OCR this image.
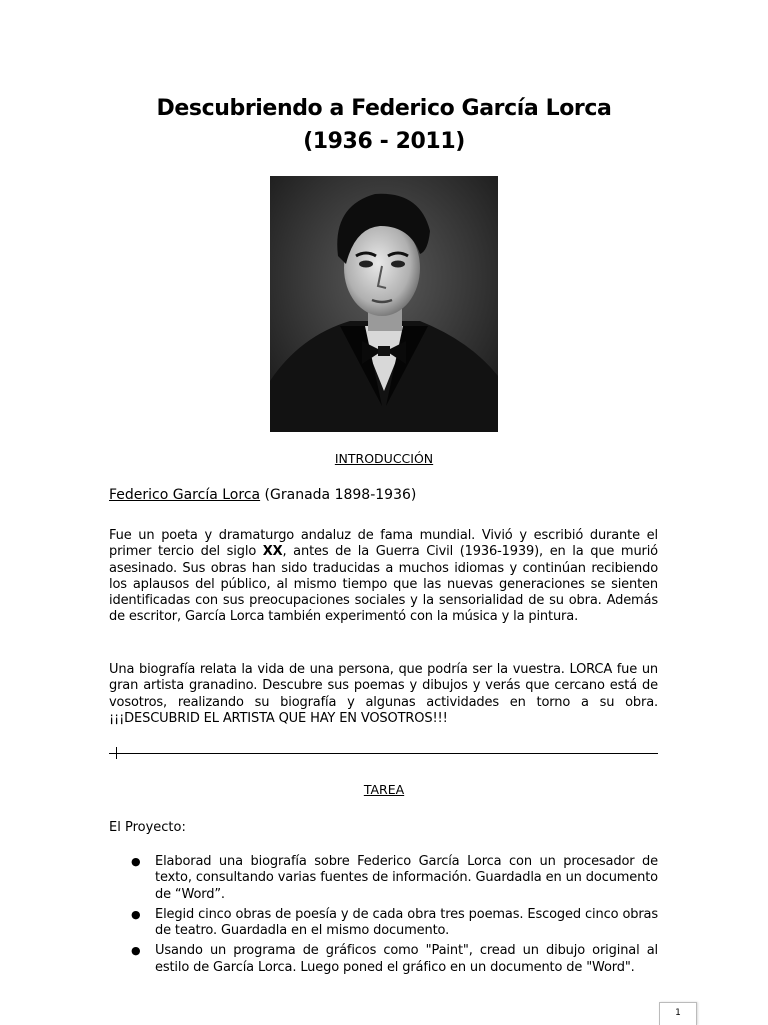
Descubriendo a Federico García Lorca
(1936 - 2011)
INTRODUCCIÓN
Federico García Lorca (Granada 1898-1936)
Fue un poeta y dramaturgo andaluz de fama mundial. Vivió y escribió durante el primer tercio del siglo XX, antes de la Guerra Civil (1936-1939), en la que murió asesinado. Sus obras han sido traducidas a muchos idiomas y continúan recibiendo los aplausos del público, al mismo tiempo que las nuevas generaciones se sienten identificadas con sus preocupaciones sociales y la sensorialidad de su obra. Además de escritor, García Lorca también experimentó con la música y la pintura.
Una biografía relata la vida de una persona, que podría ser la vuestra. LORCA fue un gran artista granadino. Descubre sus poemas y dibujos y verás que cercano está de vosotros, realizando su biografía y algunas actividades en torno a su obra. ¡¡¡DESCUBRID EL ARTISTA QUE HAY EN VOSOTROS!!!
TAREA
El Proyecto:
● Elaborad una biografía sobre Federico García Lorca con un procesador de texto, consultando varias fuentes de información. Guardadla en un documento de “Word”.
● Elegid cinco obras de poesía y de cada obra tres poemas. Escoged cinco obras de teatro. Guardadla en el mismo documento.
● Usando un programa de gráficos como "Paint", cread un dibujo original al estilo de García Lorca. Luego poned el gráfico en un documento de "Word".
1
